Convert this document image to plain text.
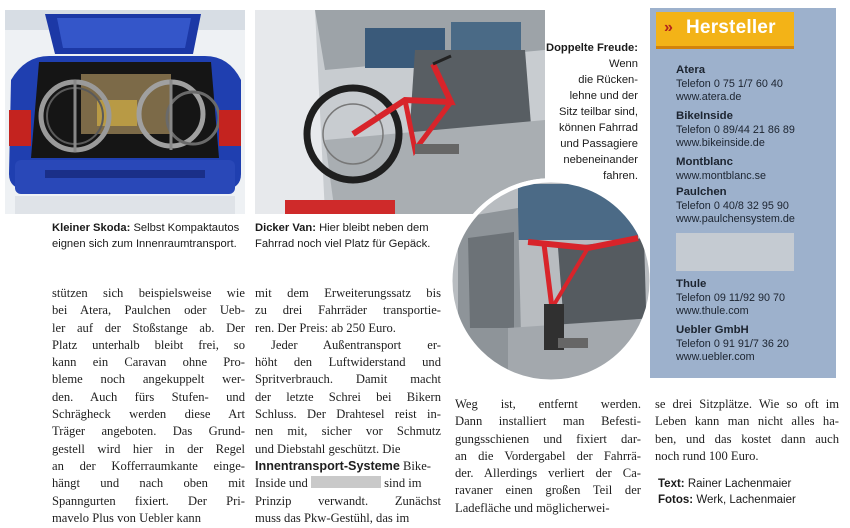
Kleiner Skoda: Selbst Kompaktautos eignen sich zum Innenraumtransport.
Dicker Van: Hier bleibt neben dem Fahrrad noch viel Platz für Gepäck.
Doppelte Freude:
Wenn
die Rücken-
lehne und der
Sitz teilbar sind,
können Fahrrad
und Passagiere
nebeneinander
fahren.
stützen sich beispielsweise wie
bei Atera, Paulchen oder Ueb-
ler auf der Stoßstange ab. Der
Platz unterhalb bleibt frei, so
kann ein Caravan ohne Pro-
bleme noch angekuppelt wer-
den. Auch fürs Stufen- und
Schrägheck werden diese Art
Träger angeboten. Das Grund-
gestell wird hier in der Regel
an der Kofferraumkante einge-
hängt und nach oben mit
Spanngurten fixiert. Der Pri-
mavelo Plus von Uebler kann
mit dem Erweiterungssatz bis
zu drei Fahrräder transportie-
ren. Der Preis: ab 250 Euro.
Jeder Außentransport er-
höht den Luftwiderstand und
Spritverbrauch. Damit macht
der letzte Schrei bei Bikern
Schluss. Der Drahtesel reist in-
nen mit, sicher vor Schmutz
und Diebstahl geschützt. Die
Innentransport-Systeme Bike-
Inside und	sind im
Prinzip verwandt. Zunächst
muss das Pkw-Gestühl, das im
Weg ist, entfernt werden.
Dann installiert man Befesti-
gungsschienen und fixiert dar-
an die Vordergabel der Fahrrä-
der. Allerdings verliert der Ca-
ravaner einen großen Teil der
Ladefläche und möglicherwei-
se drei Sitzplätze. Wie so oft im
Leben kann man nicht alles ha-
ben, und das kostet dann auch
noch rund 100 Euro.
» Hersteller
Atera
Telefon 0 75 1/7 60 40
www.atera.de
BikeInside
Telefon 0 89/44 21 86 89
www.bikeinside.de
Montblanc
www.montblanc.se
Paulchen
Telefon 0 40/8 32 95 90
www.paulchensystem.de
Thule
Telefon 09 11/92 90 70
www.thule.com
Uebler GmbH
Telefon 0 91 91/7 36 20
www.uebler.com
Text: Rainer Lachenmaier
Fotos: Werk, Lachenmaier
